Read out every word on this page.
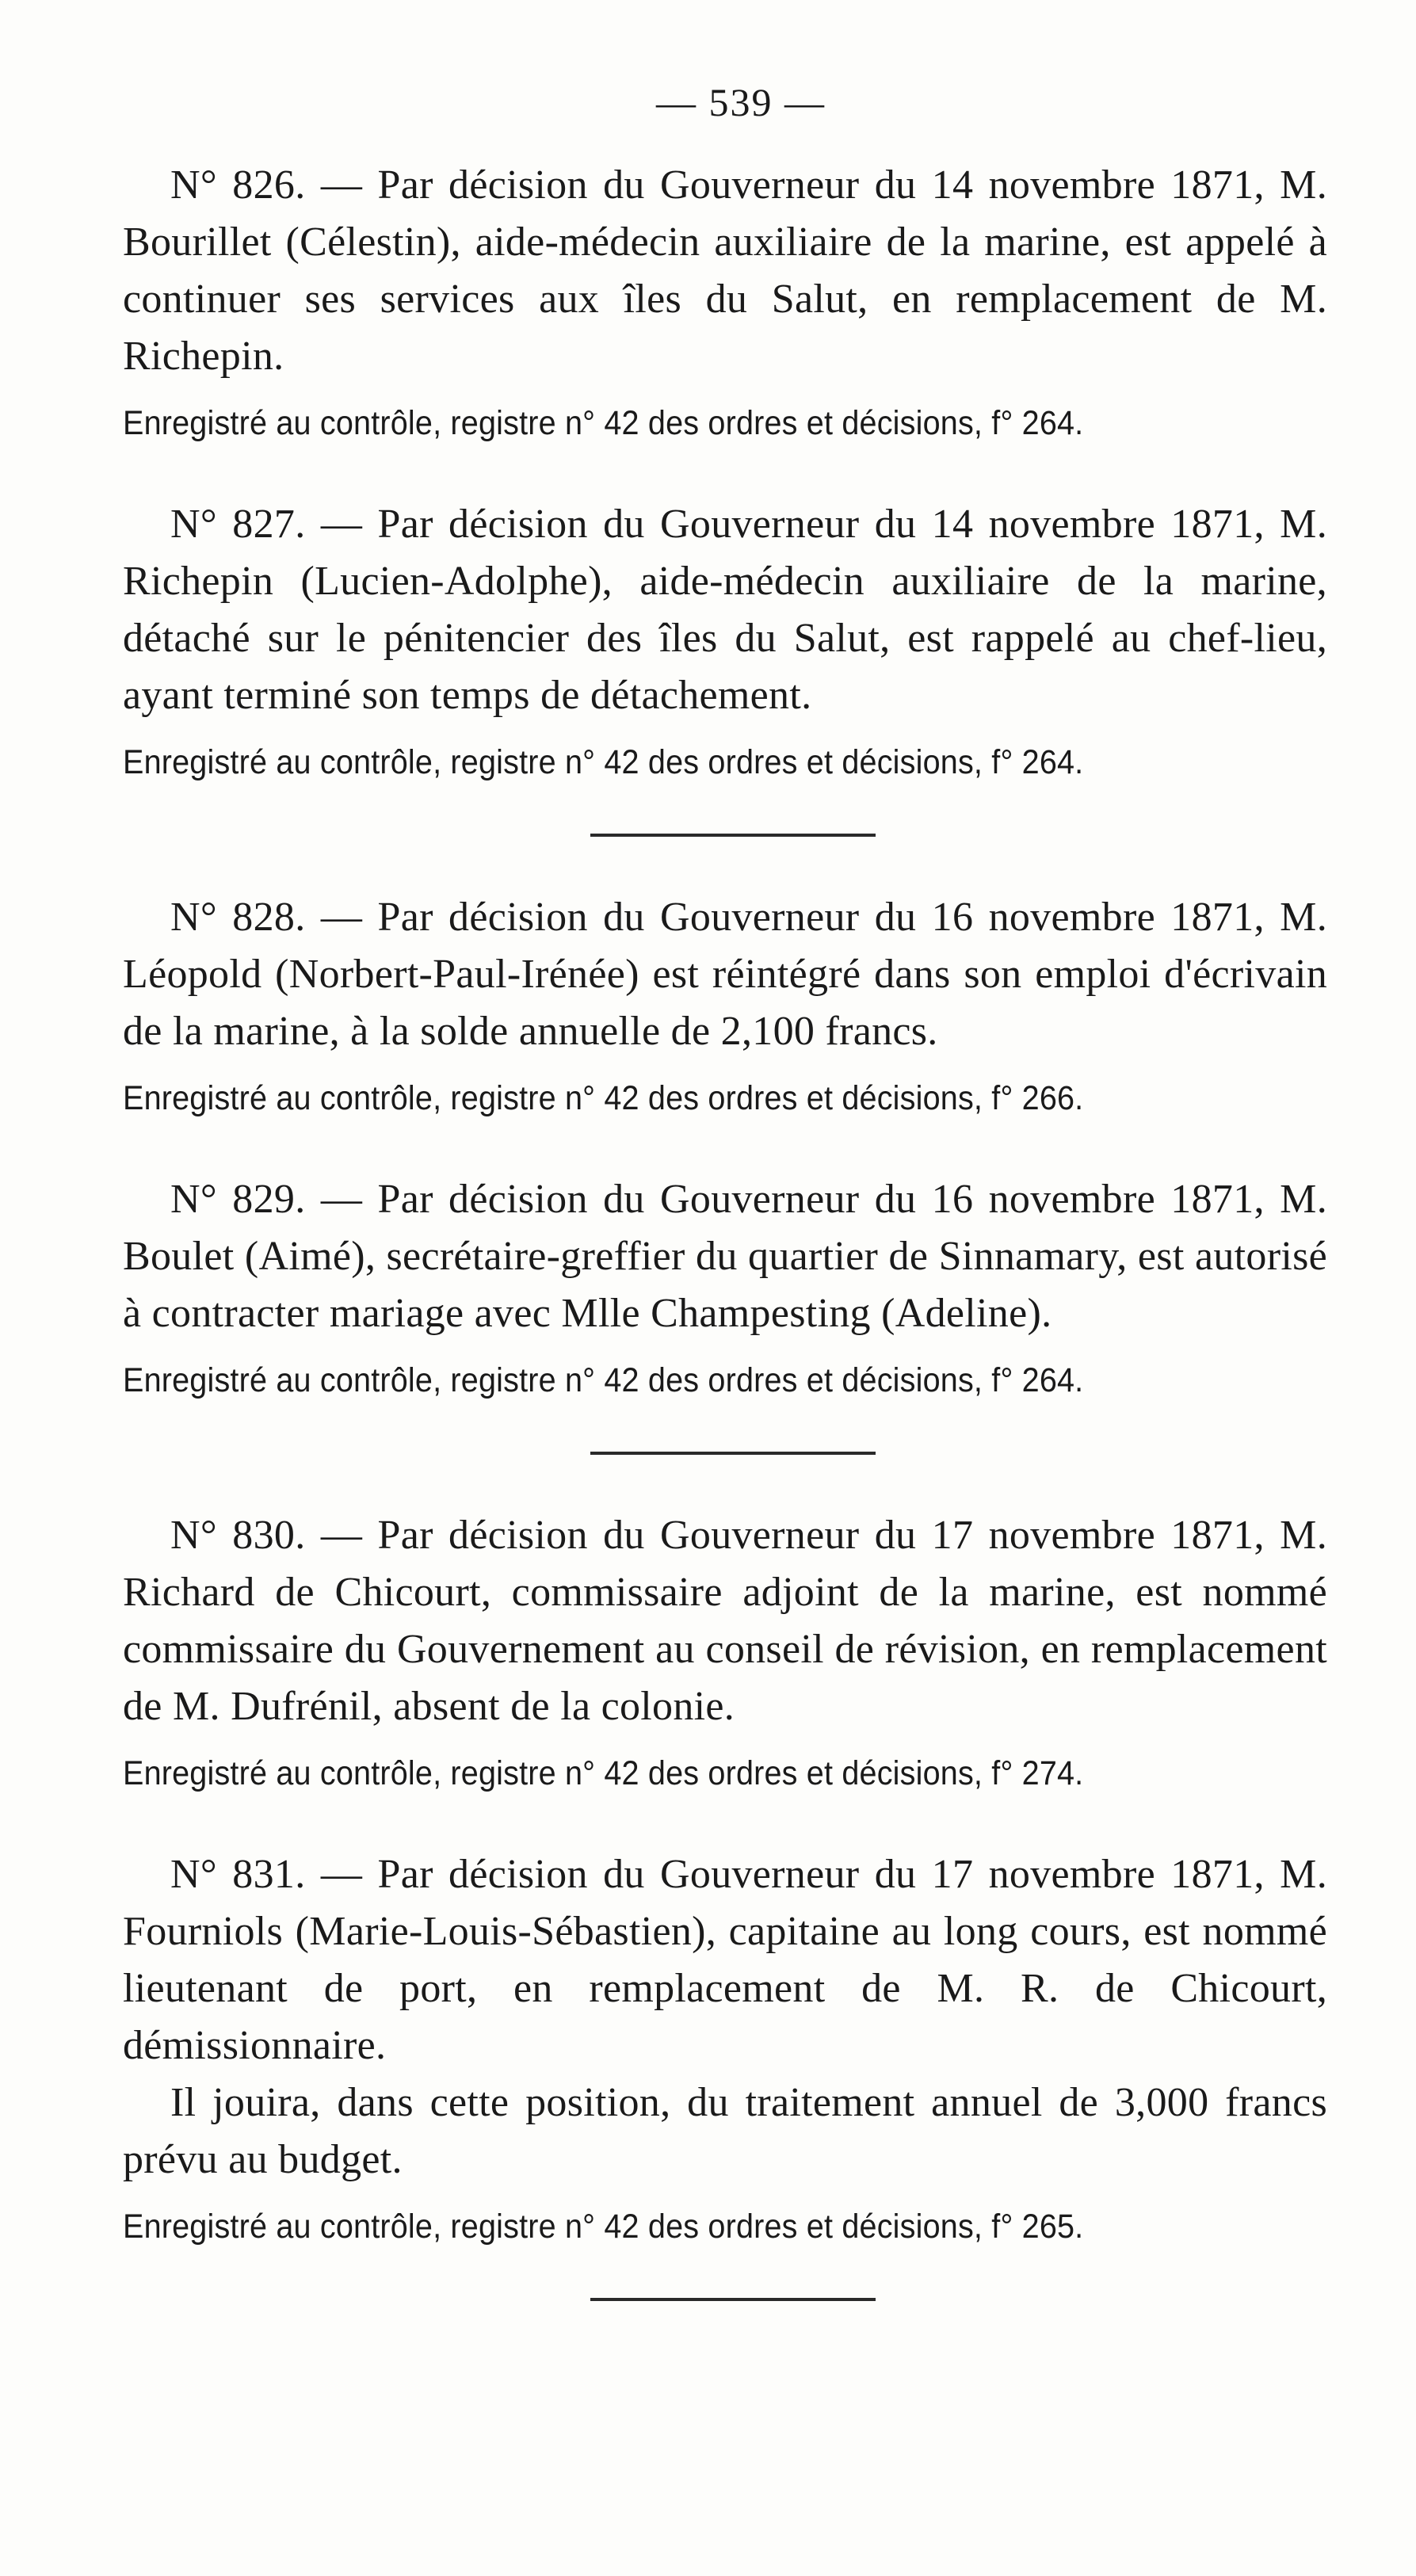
— 539 —

N° 826. — Par décision du Gouverneur du 14 novembre 1871, M. Bourillet (Célestin), aide-médecin auxiliaire de la marine, est appelé à continuer ses services aux îles du Salut, en remplacement de M. Richepin.

Enregistré au contrôle, registre n° 42 des ordres et décisions, f° 264.

N° 827. — Par décision du Gouverneur du 14 novembre 1871, M. Richepin (Lucien-Adolphe), aide-médecin auxiliaire de la marine, détaché sur le pénitencier des îles du Salut, est rappelé au chef-lieu, ayant terminé son temps de détachement.

Enregistré au contrôle, registre n° 42 des ordres et décisions, f° 264.

N° 828. — Par décision du Gouverneur du 16 novembre 1871, M. Léopold (Norbert-Paul-Irénée) est réintégré dans son emploi d'écrivain de la marine, à la solde annuelle de 2,100 francs.

Enregistré au contrôle, registre n° 42 des ordres et décisions, f° 266.

N° 829. — Par décision du Gouverneur du 16 novembre 1871, M. Boulet (Aimé), secrétaire-greffier du quartier de Sinnamary, est autorisé à contracter mariage avec Mlle Champesting (Adeline).

Enregistré au contrôle, registre n° 42 des ordres et décisions, f° 264.

N° 830. — Par décision du Gouverneur du 17 novembre 1871, M. Richard de Chicourt, commissaire adjoint de la marine, est nommé commissaire du Gouvernement au conseil de révision, en remplacement de M. Dufrénil, absent de la colonie.

Enregistré au contrôle, registre n° 42 des ordres et décisions, f° 274.

N° 831. — Par décision du Gouverneur du 17 novembre 1871, M. Fourniols (Marie-Louis-Sébastien), capitaine au long cours, est nommé lieutenant de port, en remplacement de M. R. de Chicourt, démissionnaire.

Il jouira, dans cette position, du traitement annuel de 3,000 francs prévu au budget.

Enregistré au contrôle, registre n° 42 des ordres et décisions, f° 265.
